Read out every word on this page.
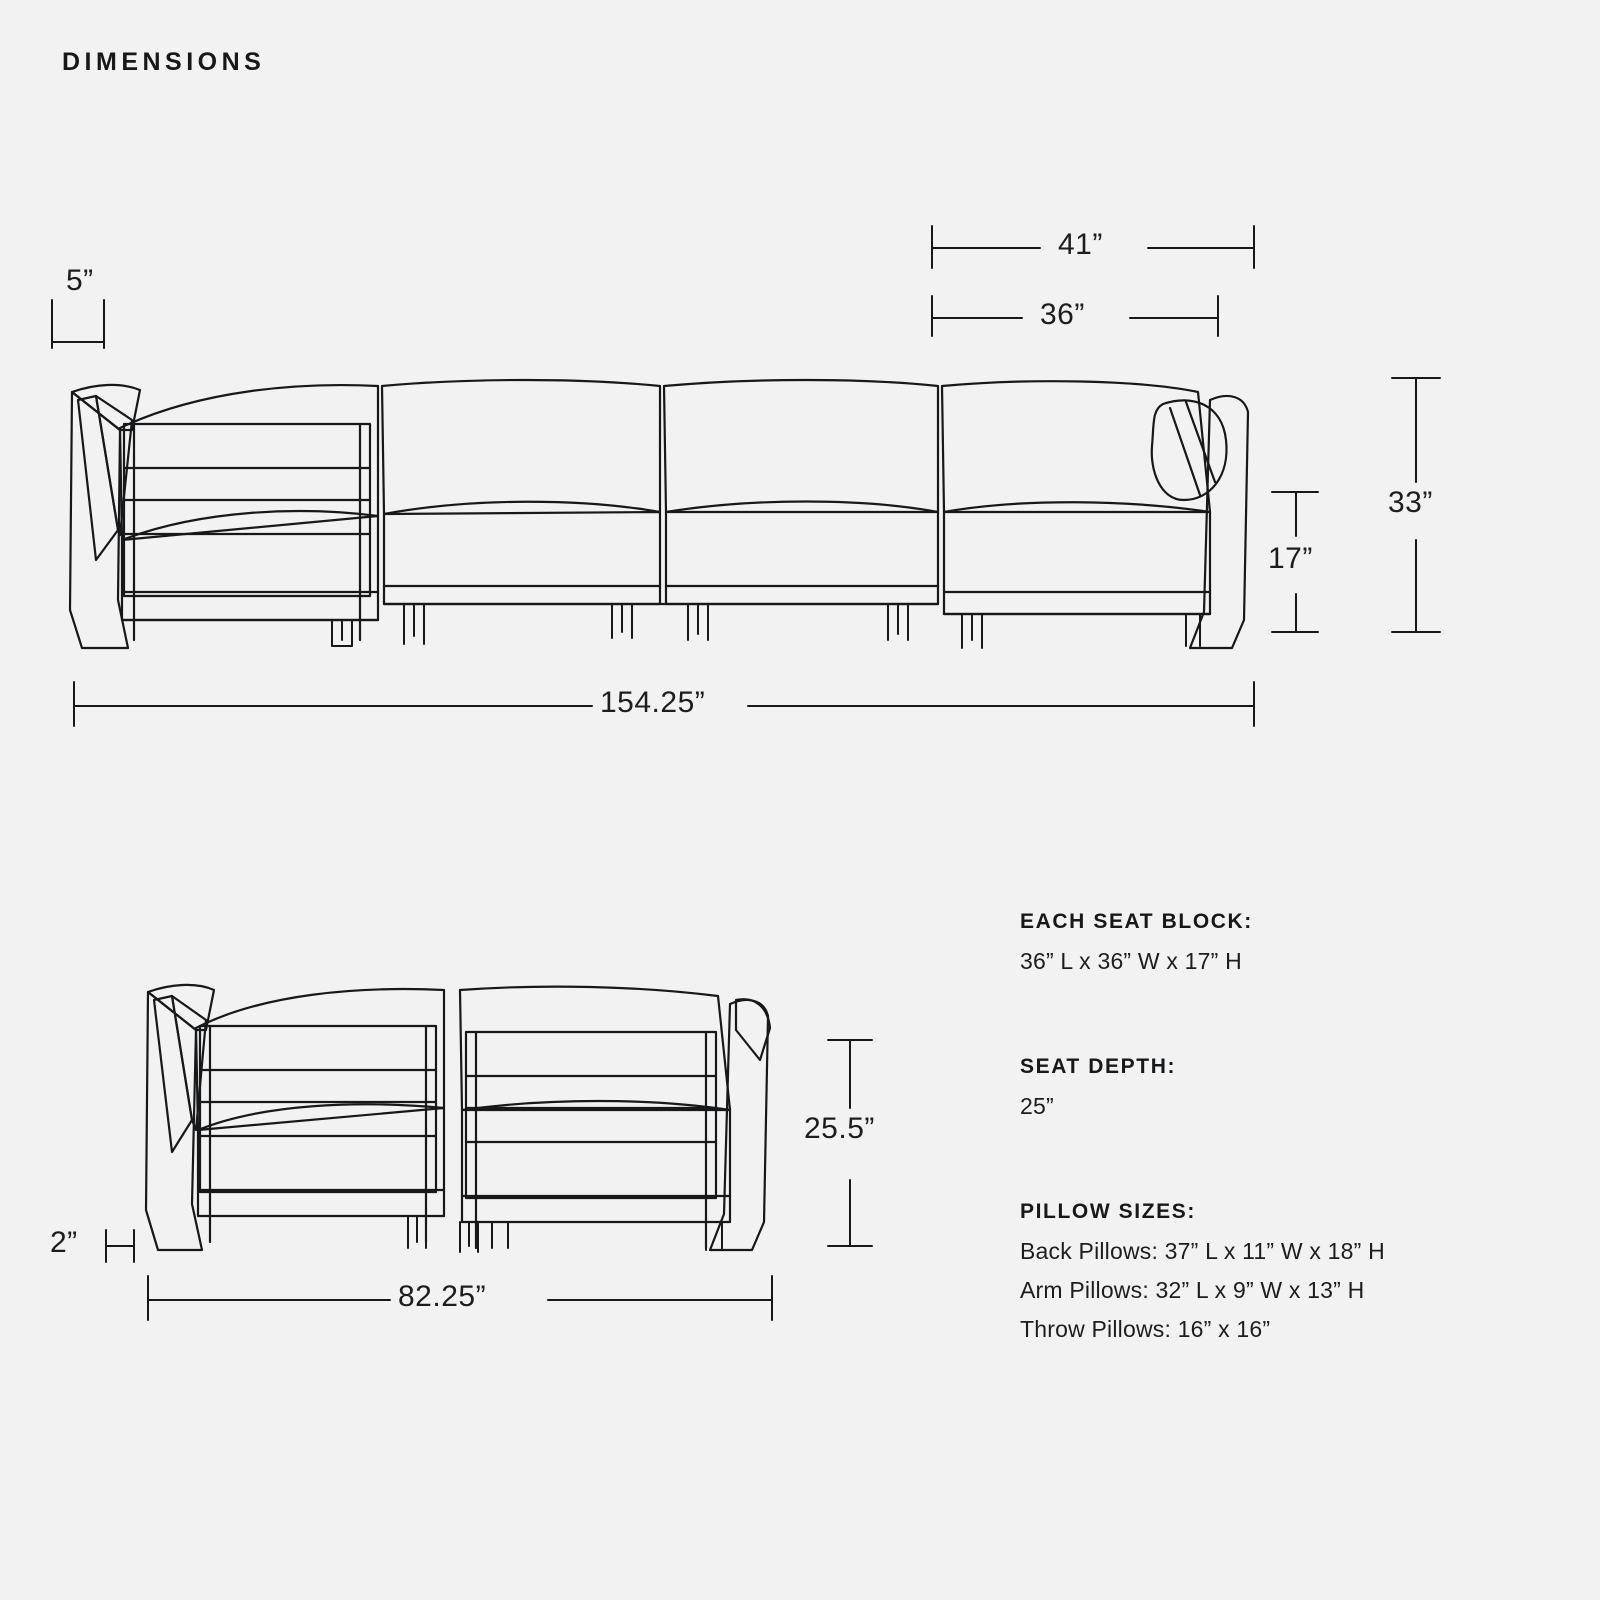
DIMENSIONS
5”
41”
36”
33”
17”
154.25”
2”
25.5”
82.25”
EACH SEAT BLOCK:
36” L x 36” W x 17” H
SEAT DEPTH:
25”
PILLOW SIZES:
Back Pillows: 37” L x 11” W x 18” H
Arm Pillows: 32” L x 9” W x 13” H
Throw Pillows: 16” x 16”
